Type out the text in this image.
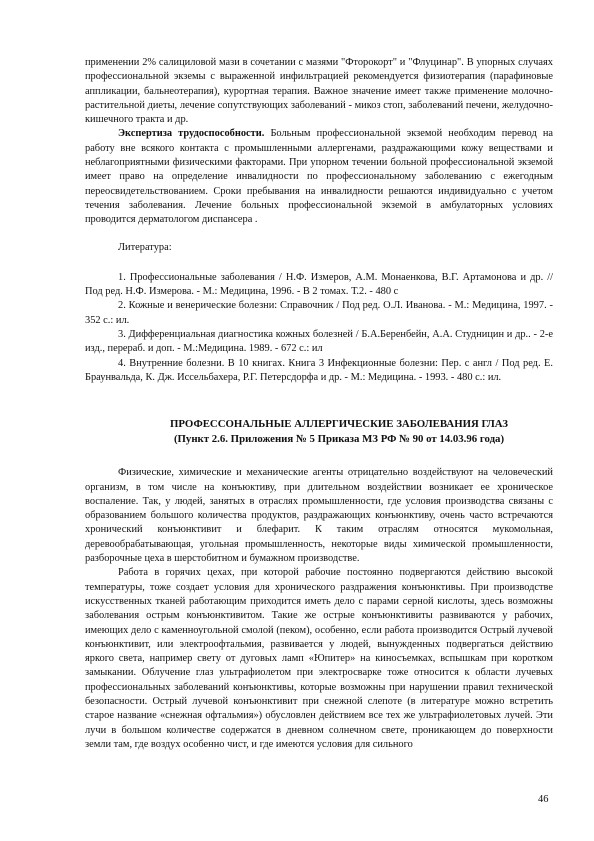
применении 2% салициловой мази в сочетании с мазями "Фторокорт" и "Флуцинар". В упорных случаях профессиональной экземы с выраженной инфильтрацией рекомендуется физиотерапия (парафиновые аппликации, бальнеотерапия), курортная терапия. Важное значение имеет также применение молочно-растительной диеты, лечение сопутствующих заболеваний - микоз стоп, заболеваний печени, желудочно-кишечного тракта и др.

Экспертиза трудоспособности. Больным профессиональной экземой необходим перевод на работу вне всякого контакта с промышленными аллергенами, раздражающими кожу веществами и неблагоприятными физическими факторами. При упорном течении больной профессиональной экземой имеет право на определение инвалидности по профессиональному заболеванию с ежегодным переосвидетельствованием. Сроки пребывания на инвалидности решаются индивидуально с учетом течения заболевания. Лечение больных профессиональной экземой в амбулаторных условиях проводится дерматологом диспансера .

Литература:

1. Профессиональные заболевания / Н.Ф. Измеров, А.М. Монаенкова, В.Г. Артамонова и др. // Под ред. Н.Ф. Измерова. - М.: Медицина, 1996. - В 2 томах. Т.2. - 480 с

2. Кожные и венерические болезни: Справочник / Под ред. О.Л. Иванова. - М.: Медицина, 1997. - 352 с.: ил.

3. Дифференциальная диагностика кожных болезней / Б.А.Беренбейн, А.А. Студницин и др.. - 2-е изд., перераб. и доп. - М.:Медицина. 1989. - 672 с.: ил

4. Внутренние болезни. В 10 книгах. Книга 3 Инфекционные болезни: Пер. с англ / Под ред. Е. Браунвальда, К. Дж. Иссельбахера, Р.Г. Петерсдорфа и др. - М.: Медицина. - 1993. - 480 с.: ил.

ПРОФЕССОНАЛЬНЫЕ АЛЛЕРГИЧЕСКИЕ ЗАБОЛЕВАНИЯ ГЛАЗ

(Пункт 2.6. Приложения № 5 Приказа МЗ РФ № 90 от 14.03.96 года)

Физические, химические и механические агенты отрицательно воздействуют на человеческий организм, в том числе на конъюктиву, при длительном воздействии возникает ее хроническое воспаление. Так, у людей, занятых в отраслях промышленности, где условия производства связаны с образованием большого количества продуктов, раздражающих конъюнктиву, очень часто встречаются хронический конъюнктивит и блефарит. К таким отраслям относятся мукомольная, деревообрабатывающая, угольная промышленность, некоторые виды химической промышленности, разборочные цеха в шерстобитном и бумажном производстве.

Работа в горячих цехах, при которой рабочие постоянно подвергаются действию высокой температуры, тоже создает условия для хронического раздражения конъюнктивы. При производстве искусственных тканей работающим приходится иметь дело с парами серной кислоты, здесь возможны заболевания острым конъюнктивитом. Такие же острые конъюнктивиты развиваются у рабочих, имеющих дело с каменноугольной смолой (пеком), особенно, если работа производится Острый лучевой конъюнктивит, или электроофтальмия, развивается у людей, вынужденных подвергаться действию яркого света, например свету от дуговых ламп «Юпитер» на киносъемках, вспышкам при коротком замыкании. Облучение глаз ультрафиолетом при электросварке тоже относится к области лучевых профессиональных заболеваний конъюнктивы, которые возможны при нарушении правил технической безопасности. Острый лучевой конъюнктивит при снежной слепоте (в литературе можно встретить старое название «снежная офтальмия») обусловлен действием все тех же ультрафиолетовых лучей. Эти лучи в большом количестве содержатся в дневном солнечном свете, проникающем до поверхности земли там, где воздух особенно чист, и где имеются условия для сильного

46
